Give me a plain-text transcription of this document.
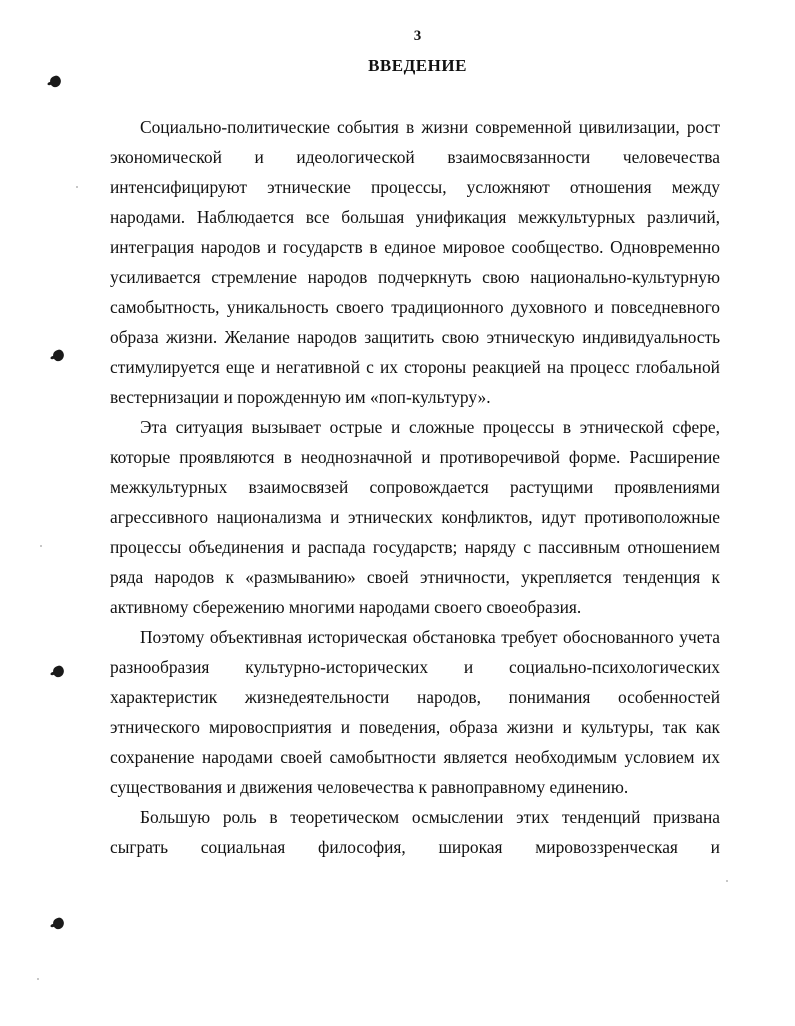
3
ВВЕДЕНИЕ

Социально-политические события в жизни современной цивилизации, рост экономической и идеологической взаимосвязанности человечества интенсифицируют этнические процессы, усложняют отношения между народами. Наблюдается все большая унификация межкультурных различий, интеграция народов и государств в единое мировое сообщество. Одновременно усиливается стремление народов подчеркнуть свою национально-культурную самобытность, уникальность своего традиционного духовного и повседневного образа жизни. Желание народов защитить свою этническую индивидуальность стимулируется еще и негативной с их стороны реакцией на процесс глобальной вестернизации и порожденную им «поп-культуру».

Эта ситуация вызывает острые и сложные процессы в этнической сфере, которые проявляются в неоднозначной и противоречивой форме. Расширение межкультурных взаимосвязей сопровождается растущими проявлениями агрессивного национализма и этнических конфликтов, идут противоположные процессы объединения и распада государств; наряду с пассивным отношением ряда народов к «размыванию» своей этничности, укрепляется тенденция к активному сбережению многими народами своего своеобразия.

Поэтому объективная историческая обстановка требует обоснованного учета разнообразия культурно-исторических и социально-психологических характеристик жизнедеятельности народов, понимания особенностей этнического мировосприятия и поведения, образа жизни и культуры, так как сохранение народами своей самобытности является необходимым условием их существования и движения человечества к равноправному единению.

Большую роль в теоретическом осмыслении этих тенденций призвана сыграть социальная философия, широкая мировоззренческая и
